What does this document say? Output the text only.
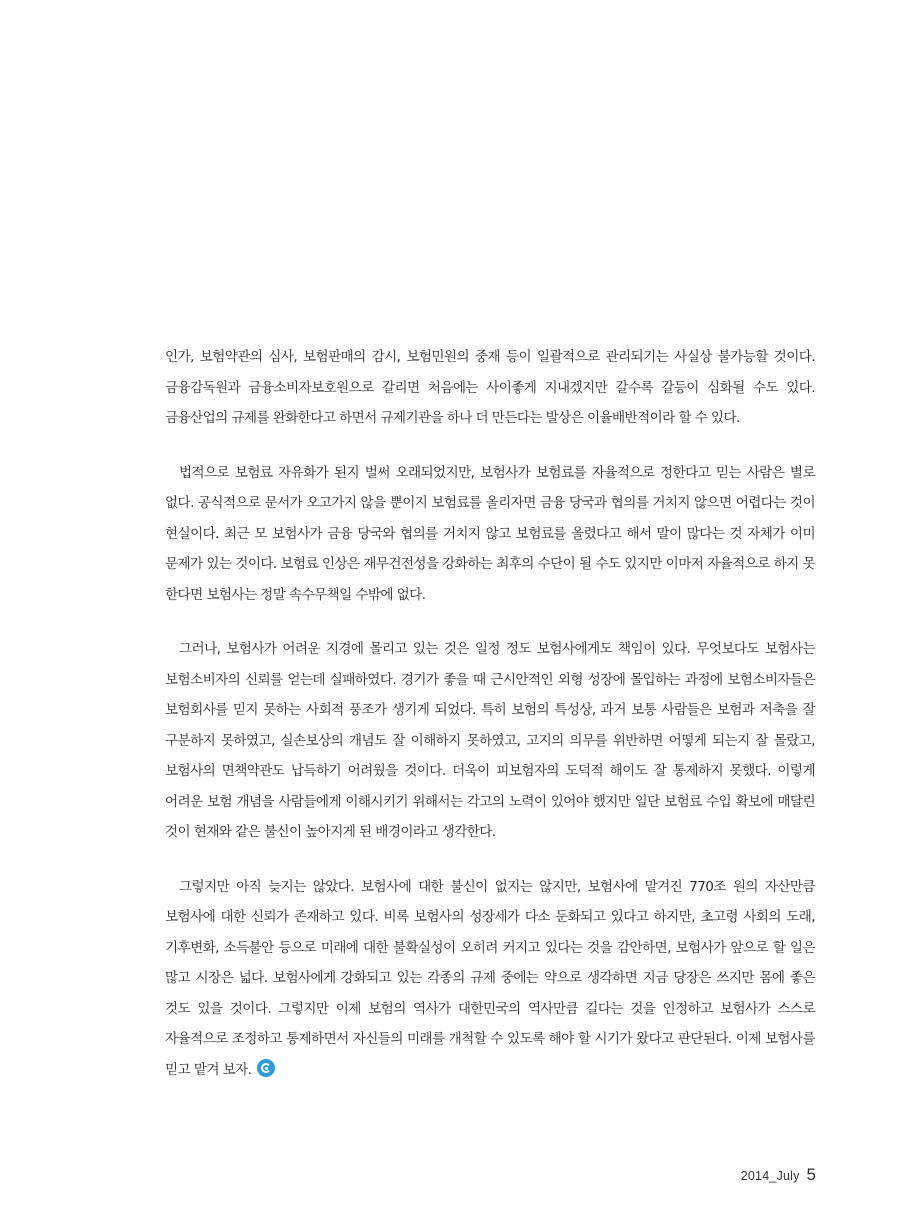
인가, 보험약관의 심사, 보험판매의 감시, 보험민원의 중재 등이 일괄적으로 관리되기는 사실상 불가능할 것이다. 금융감독원과 금융소비자보호원으로 갈리면 처음에는 사이좋게 지내겠지만 갈수록 갈등이 심화될 수도 있다. 금융산업의 규제를 완화한다고 하면서 규제기관을 하나 더 만든다는 발상은 이율배반적이라 할 수 있다.

법적으로 보험료 자유화가 된지 벌써 오래되었지만, 보험사가 보험료를 자율적으로 정한다고 믿는 사람은 별로 없다. 공식적으로 문서가 오고가지 않을 뿐이지 보험료를 올리자면 금융 당국과 협의를 거치지 않으면 어렵다는 것이 현실이다. 최근 모 보험사가 금융 당국와 협의를 거치지 않고 보험료를 올렸다고 해서 말이 많다는 것 자체가 이미 문제가 있는 것이다. 보험료 인상은 재무건전성을 강화하는 최후의 수단이 될 수도 있지만 이마저 자율적으로 하지 못 한다면 보험사는 정말 속수무책일 수밖에 없다.

그러나, 보험사가 어려운 지경에 몰리고 있는 것은 일정 정도 보험사에게도 책임이 있다. 무엇보다도 보험사는 보험소비자의 신뢰를 얻는데 실패하였다. 경기가 좋을 때 근시안적인 외형 성장에 몰입하는 과정에 보험소비자들은 보험회사를 믿지 못하는 사회적 풍조가 생기게 되었다. 특히 보험의 특성상, 과거 보통 사람들은 보험과 저축을 잘 구분하지 못하였고, 실손보상의 개념도 잘 이해하지 못하였고, 고지의 의무를 위반하면 어떻게 되는지 잘 몰랐고, 보험사의 면책약관도 납득하기 어려웠을 것이다. 더욱이 피보험자의 도덕적 해이도 잘 통제하지 못했다. 이렇게 어려운 보험 개념을 사람들에게 이해시키기 위해서는 각고의 노력이 있어야 했지만 일단 보험료 수입 확보에 매달린 것이 현재와 같은 불신이 높아지게 된 배경이라고 생각한다.

그렇지만 아직 늦지는 않았다. 보험사에 대한 불신이 없지는 않지만, 보험사에 맡겨진 770조 원의 자산만큼 보험사에 대한 신뢰가 존재하고 있다. 비록 보험사의 성장세가 다소 둔화되고 있다고 하지만, 초고령 사회의 도래, 기후변화, 소득불안 등으로 미래에 대한 불확실성이 오히려 커지고 있다는 것을 감안하면, 보험사가 앞으로 할 일은 많고 시장은 넓다. 보험사에게 강화되고 있는 각종의 규제 중에는 약으로 생각하면 지금 당장은 쓰지만 몸에 좋은 것도 있을 것이다. 그렇지만 이제 보험의 역사가 대한민국의 역사만큼 길다는 것을 인정하고 보험사가 스스로 자율적으로 조정하고 통제하면서 자신들의 미래를 개척할 수 있도록 해야 할 시기가 왔다고 판단된다. 이제 보험사를 믿고 맡겨 보자.

2014_July 5
